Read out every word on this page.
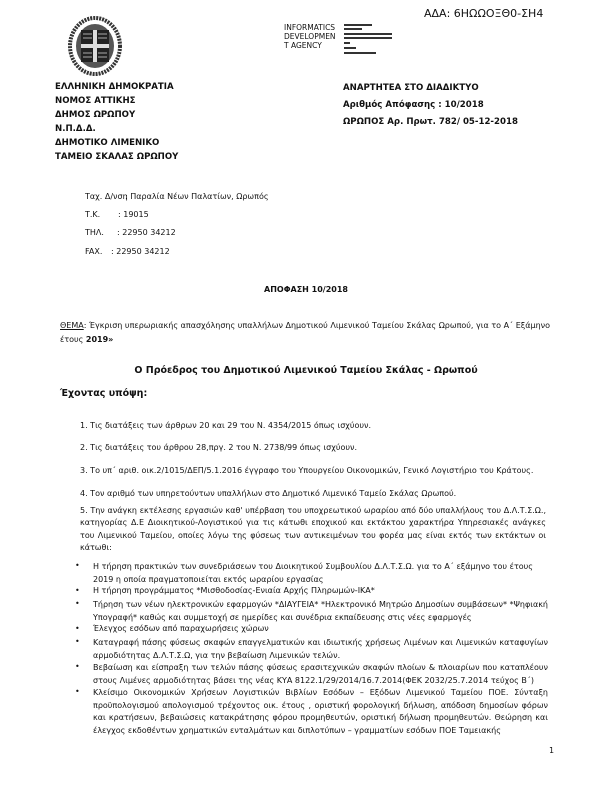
ΑΔΑ: 6ΗΩΩΟΞΘ0-ΣΗ4
INFORMATICS
DEVELOPMEN
T AGENCY
ΕΛΛΗΝΙΚΗ ΔΗΜΟΚΡΑΤΙΑ
ΝΟΜΟΣ ΑΤΤΙΚΗΣ
ΔΗΜΟΣ ΩΡΩΠΟΥ
Ν.Π.Δ.Δ.
ΔΗΜΟΤΙΚΟ ΛΙΜΕΝΙΚΟ
ΤΑΜΕΙΟ ΣΚΑΛΑΣ ΩΡΩΠΟΥ
ΑΝΑΡΤΗΤΕΑ ΣΤΟ ΔΙΑΔΙΚΤΥΟ
Αριθμός Απόφασης : 10/2018
ΩΡΩΠΟΣ Αρ. Πρωτ. 782/ 05-12-2018
Ταχ. Δ/νση
: Παραλία Νέων Παλατίων, Ωρωπός
Τ.Κ. : 19015
ΤΗΛ. : 22950 34212
FAX. : 22950 34212
ΑΠΟΦΑΣΗ 10/2018
ΘΕΜΑ: Έγκριση υπερωριακής απασχόλησης υπαλλήλων Δημοτικού Λιμενικού Ταμείου Σκάλας Ωρωπού, για το Α΄ Εξάμηνο έτους 2019»
Ο Πρόεδρος του Δημοτικού Λιμενικού Ταμείου Σκάλας - Ωρωπού
Έχοντας υπόψη:
1. Τις διατάξεις των άρθρων 20 και 29 του Ν. 4354/2015 όπως ισχύουν.
2. Τις διατάξεις του άρθρου 28,πργ. 2 του Ν. 2738/99 όπως ισχύουν.
3. Το υπ΄ αριθ. οικ.2/1015/ΔΕΠ/5.1.2016 έγγραφο του Υπουργείου Οικονομικών, Γενικό Λογιστήριο του Κράτους.
4. Τον αριθμό των υπηρετούντων υπαλλήλων στο Δημοτικό Λιμενικό Ταμείο Σκάλας Ωρωπού.
5. Την ανάγκη εκτέλεσης εργασιών καθ' υπέρβαση του υποχρεωτικού ωραρίου από δύο υπαλλήλους του Δ.Λ.Τ.Σ.Ω., κατηγορίας Δ.Ε Διοικητικού-Λογιστικού για τις κάτωθι εποχικού και εκτάκτου χαρακτήρα Υπηρεσιακές ανάγκες του Λιμενικού Ταμείου, οποίες λόγω της φύσεως των αντικειμένων του φορέα μας είναι εκτός των εκτάκτων οι κάτωθι:
• Η τήρηση πρακτικών των συνεδριάσεων του Διοικητικού Συμβουλίου Δ.Λ.Τ.Σ.Ω. για το Α΄ εξάμηνο του έτους 2019 η οποία πραγματοποιείται εκτός ωραρίου εργασίας
• Η τήρηση προγράμματος *Μισθοδοσίας-Ενιαία Αρχής Πληρωμών-ΙΚΑ*
• Τήρηση των νέων ηλεκτρονικών εφαρμογών *ΔΙΑΥΓΕΙΑ* *Ηλεκτρονικό Μητρώο Δημοσίων συμβάσεων* *Ψηφιακή Υπογραφή* καθώς και συμμετοχή σε ημερίδες και συνέδρια εκπαίδευσης στις νέες εφαρμογές
• Έλεγχος εσόδων από παραχωρήσεις χώρων
• Καταγραφή πάσης φύσεως σκαφών επαγγελματικών και ιδιωτικής χρήσεως Λιμένων και Λιμενικών καταφυγίων αρμοδιότητας Δ.Λ.Τ.Σ.Ω, για την βεβαίωση Λιμενικών τελών.
• Βεβαίωση και είσπραξη των τελών πάσης φύσεως ερασιτεχνικών σκαφών πλοίων & πλοιαρίων που καταπλέουν στους Λιμένες αρμοδιότητας βάσει της νέας ΚΥΑ 8122.1/29/2014/16.7.2014(ΦΕΚ 2032/25.7.2014 τεύχος Β΄)
• Κλείσιμο Οικονομικών Χρήσεων Λογιστικών Βιβλίων Εσόδων – Εξόδων Λιμενικού Ταμείου ΠΟΕ. Σύνταξη προϋπολογισμού απολογισμού τρέχοντος οικ. έτους , οριστική φορολογική δήλωση, απόδοση δημοσίων φόρων και κρατήσεων, βεβαιώσεις κατακράτησης φόρου προμηθευτών, οριστική δήλωση προμηθευτών. Θεώρηση και έλεγχος εκδοθέντων χρηματικών ενταλμάτων και διπλοτύπων – γραμματίων εσόδων ΠΟΕ Ταμειακής
1
